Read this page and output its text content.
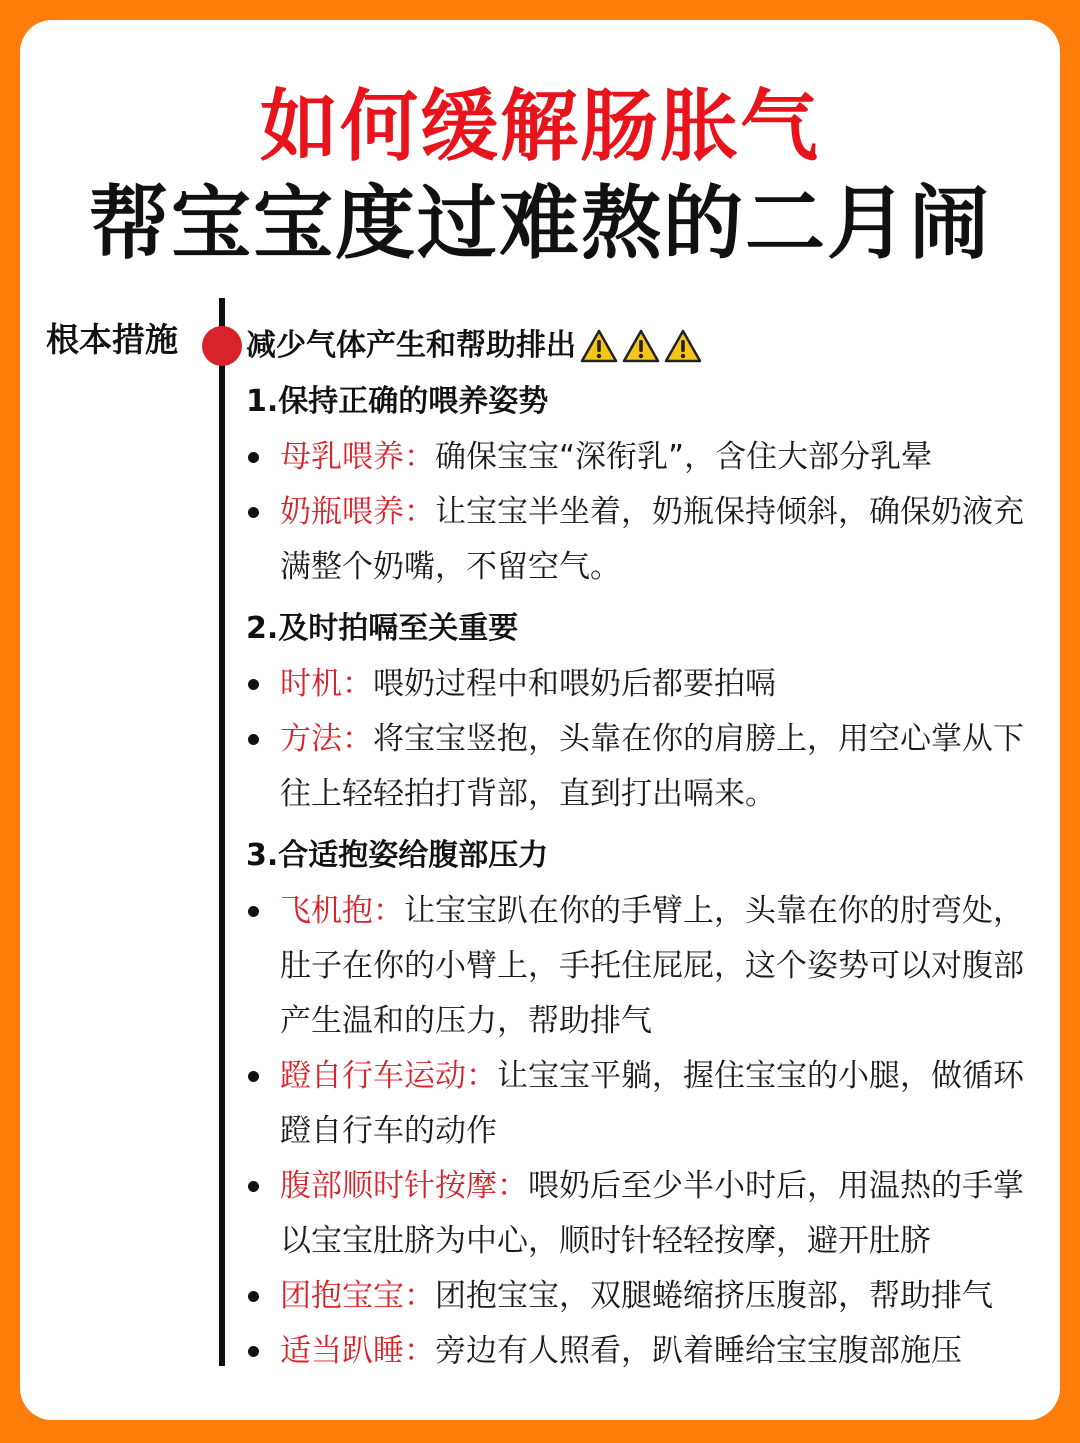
如何缓解肠胀气
帮宝宝度过难熬的二月闹
根本措施 减少气体产生和帮助排出
1.保持正确的喂养姿势
母乳喂养：确保宝宝“深衔乳”，含住大部分乳晕
奶瓶喂养：让宝宝半坐着，奶瓶保持倾斜，确保奶液充满整个奶嘴，不留空气。
2.及时拍嗝至关重要
时机：喂奶过程中和喂奶后都要拍嗝
方法：将宝宝竖抱，头靠在你的肩膀上，用空心掌从下往上轻轻拍打背部，直到打出嗝来。
3.合适抱姿给腹部压力
飞机抱：让宝宝趴在你的手臂上，头靠在你的肘弯处，肚子在你的小臂上，手托住屁屁，这个姿势可以对腹部产生温和的压力，帮助排气
蹬自行车运动：让宝宝平躺，握住宝宝的小腿，做循环蹬自行车的动作
腹部顺时针按摩：喂奶后至少半小时后，用温热的手掌以宝宝肚脐为中心，顺时针轻轻按摩，避开肚脐
团抱宝宝：团抱宝宝，双腿蜷缩挤压腹部，帮助排气
适当趴睡：旁边有人照看，趴着睡给宝宝腹部施压
